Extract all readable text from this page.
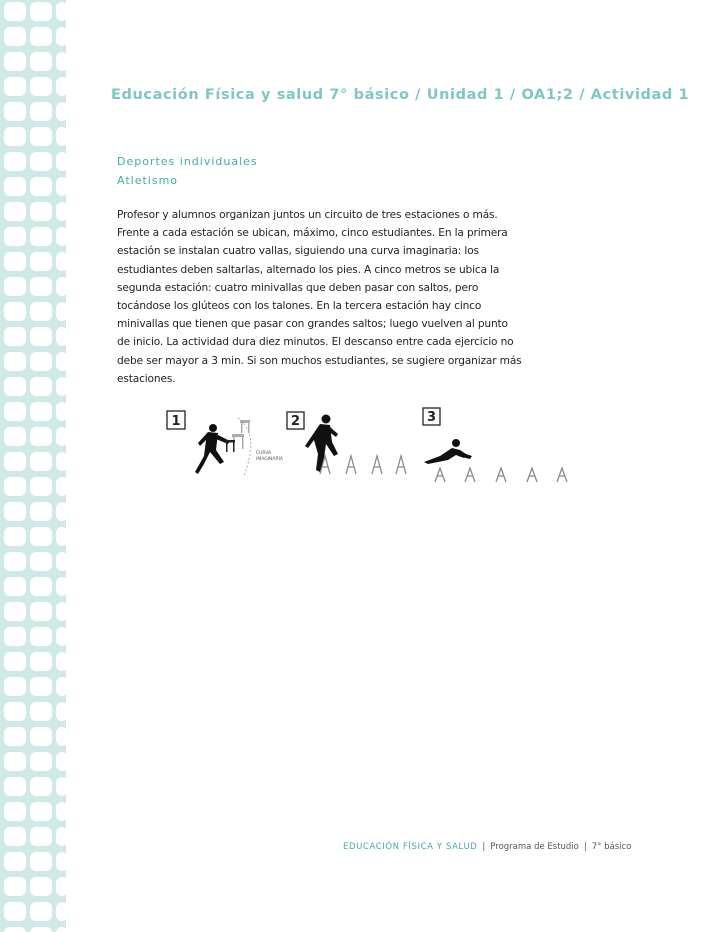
Educación Física y salud 7° básico / Unidad 1 / OA1;2 / Actividad 1
Deportes individuales
Atletismo
Profesor y alumnos organizan juntos un circuito de tres estaciones o más.
Frente a cada estación se ubican, máximo, cinco estudiantes. En la primera
estación se instalan cuatro vallas, siguiendo una curva imaginaria: los
estudiantes deben saltarlas, alternado los pies. A cinco metros se ubica la
segunda estación: cuatro minivallas que deben pasar con saltos, pero
tocándose los glúteos con los talones. En la tercera estación hay cinco
minivallas que tienen que pasar con grandes saltos; luego vuelven al punto
de inicio. La actividad dura diez minutos. El descanso entre cada ejercicio no
debe ser mayor a 3 min. Si son muchos estudiantes, se sugiere organizar más
estaciones.
1
CURVA
IMAGINARIA
2	3
EDUCACIÓN FÍSICA Y SALUD | Programa de Estudio | 7° básico
